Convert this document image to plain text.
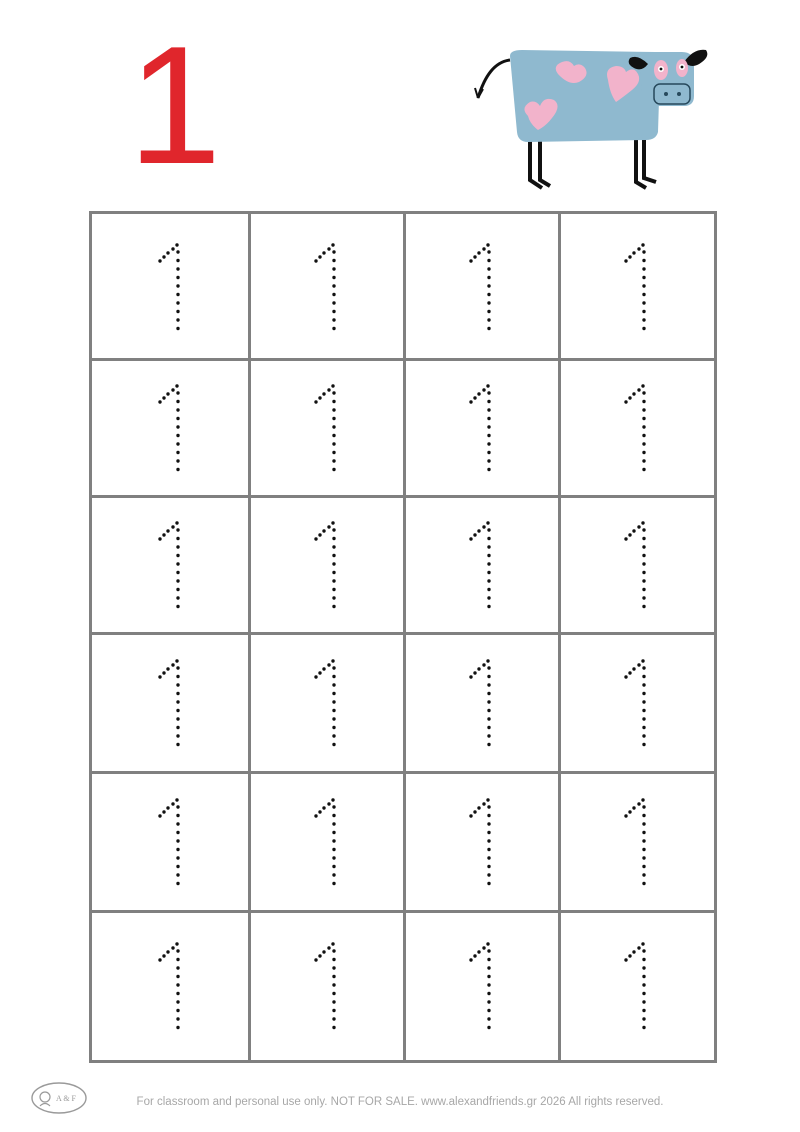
1
A & F	For classroom and personal use only. NOT FOR SALE. www.alexandfriends.gr 2026 All rights reserved.
